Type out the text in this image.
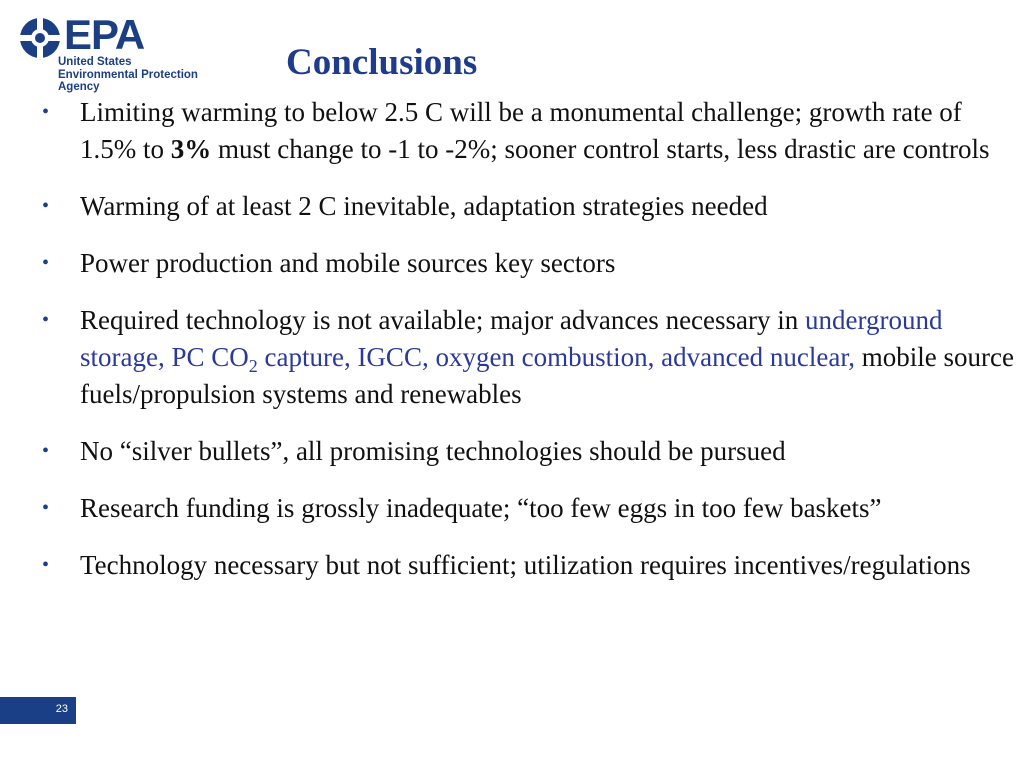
EPA
United States
Environmental Protection
Agency
Conclusions
• Limiting warming to below 2.5 C will be a monumental challenge; growth rate of 1.5% to 3% must change to -1 to -2%; sooner control starts, less drastic are controls
• Warming of at least 2 C inevitable, adaptation strategies needed
• Power production and mobile sources key sectors
• Required technology is not available; major advances necessary in underground storage, PC $CO_2$ capture, IGCC, oxygen combustion, advanced nuclear, mobile source fuels/propulsion systems and renewables
• No “silver bullets”, all promising technologies should be pursued
• Research funding is grossly inadequate; “too few eggs in too few baskets”
• Technology necessary but not sufficient; utilization requires incentives/regulations
23
